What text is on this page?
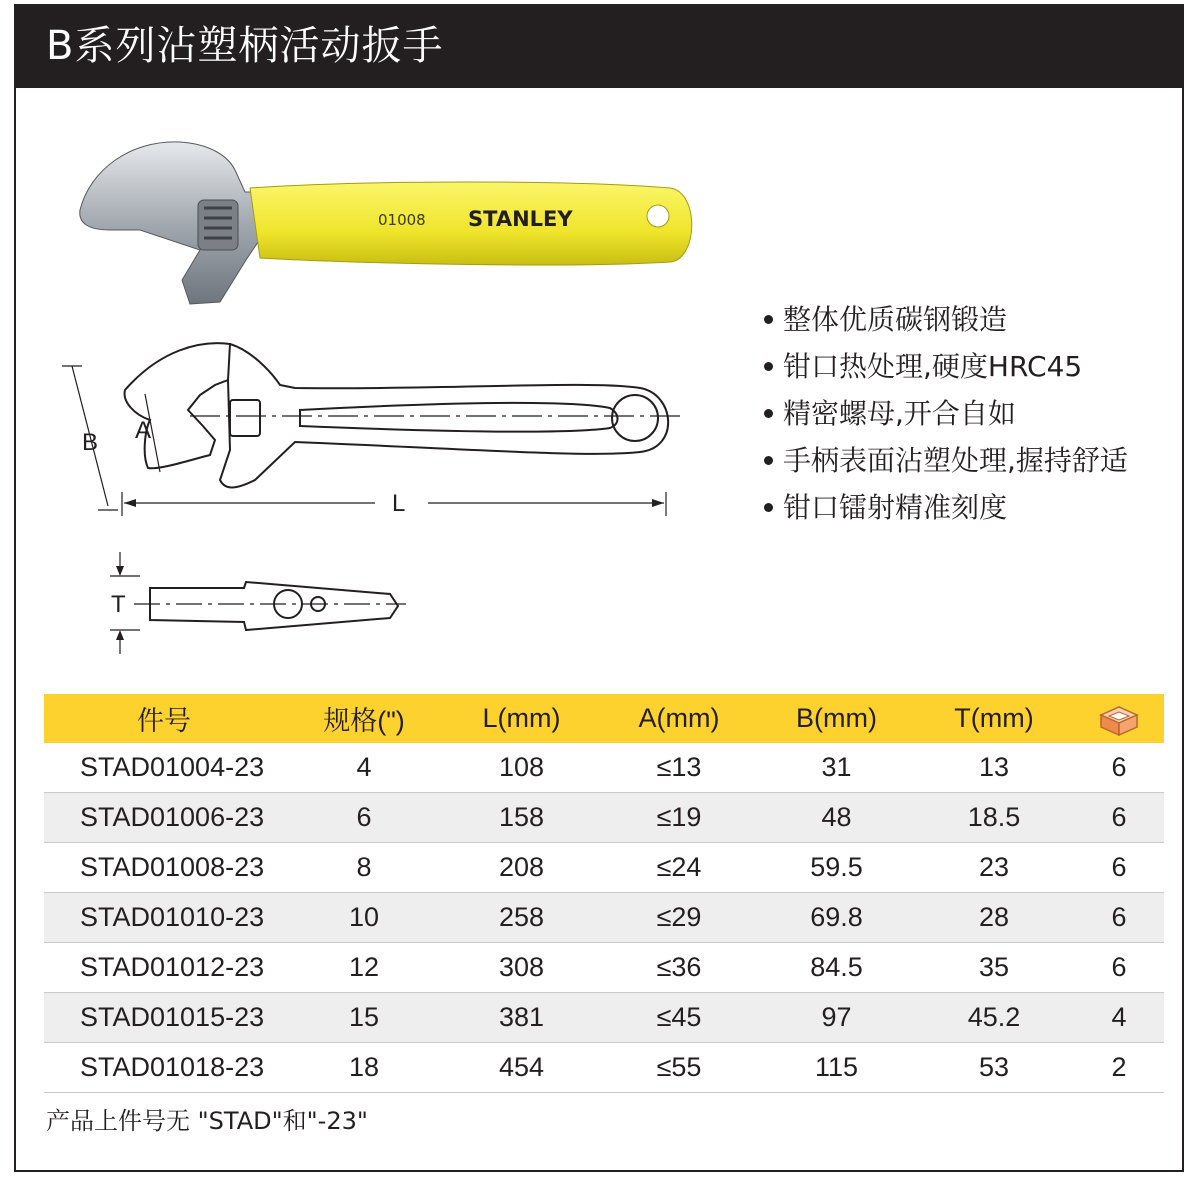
B系列沾塑柄活动扳手
01008 STANLEY
B A
L
T
整体优质碳钢锻造
钳口热处理,硬度HRC45
精密螺母,开合自如
手柄表面沾塑处理,握持舒适
钳口镭射精准刻度
件号	规格(")	L(mm)	A(mm)	B(mm)	T(mm)	
STAD01004-23	4	108	≤13	31	13	6
STAD01006-23	6	158	≤19	48	18.5	6
STAD01008-23	8	208	≤24	59.5	23	6
STAD01010-23	10	258	≤29	69.8	28	6
STAD01012-23	12	308	≤36	84.5	35	6
STAD01015-23	15	381	≤45	97	45.2	4
STAD01018-23	18	454	≤55	115	53	2
产品上件号无 "STAD"和"-23"
